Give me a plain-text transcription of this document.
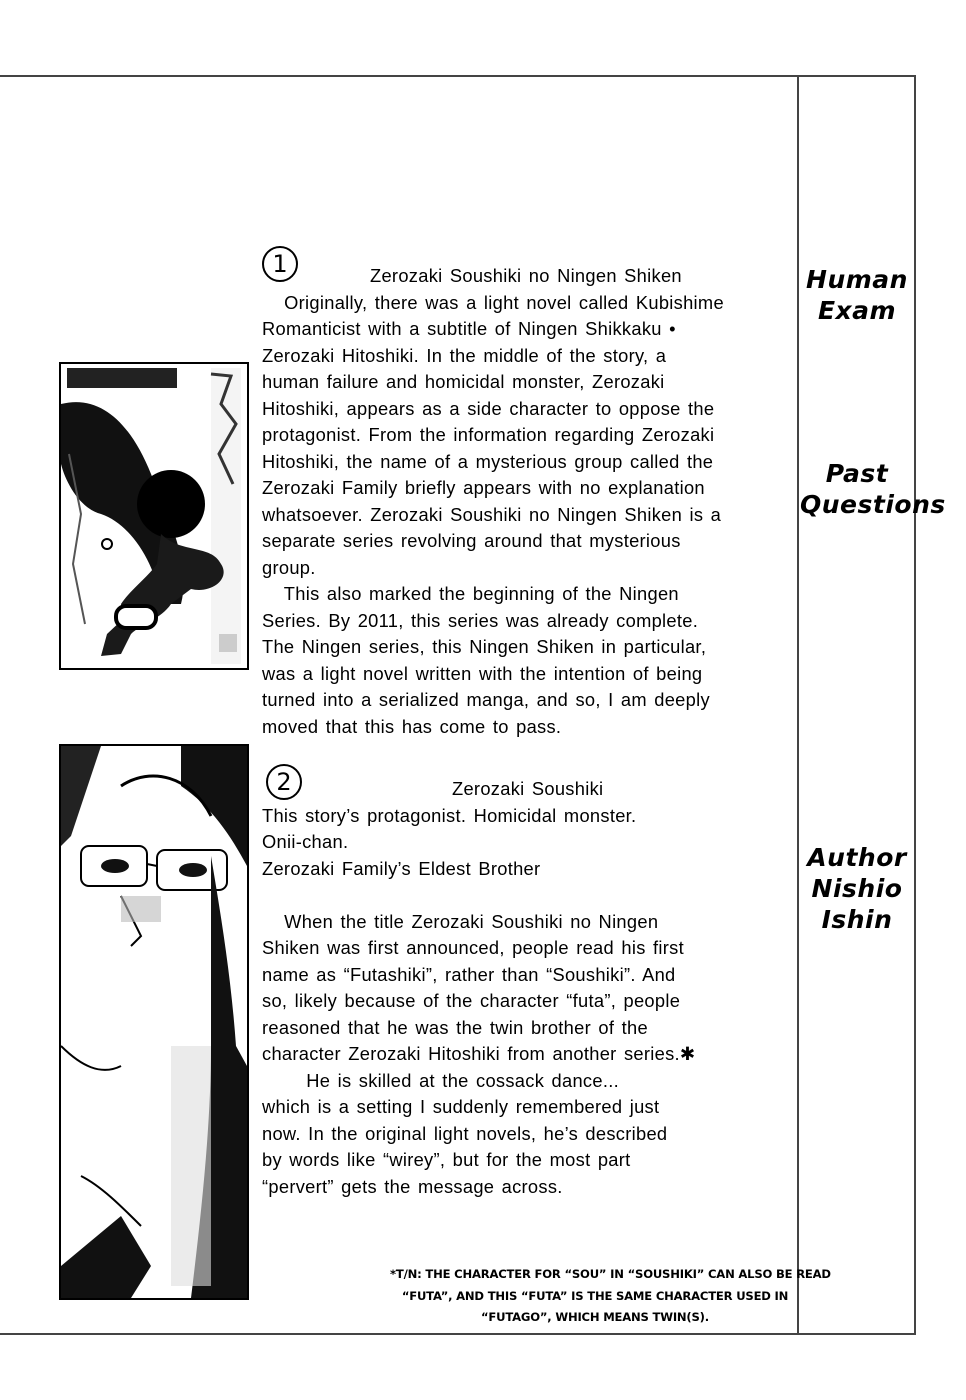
Human
Exam
Past
Questions
Author
Nishio
Ishin
1	Zerozaki Soushiki no Ningen Shiken
Originally, there was a light novel called Kubishime
Romanticist with a subtitle of Ningen Shikkaku •
Zerozaki Hitoshiki. In the middle of the story, a
human failure and homicidal monster, Zerozaki
Hitoshiki, appears as a side character to oppose the
protagonist. From the information regarding Zerozaki
Hitoshiki, the name of a mysterious group called the
Zerozaki Family briefly appears with no explanation
whatsoever. Zerozaki Soushiki no Ningen Shiken is a
separate series revolving around that mysterious
group.
This also marked the beginning of the Ningen
Series. By 2011, this series was already complete.
The Ningen series, this Ningen Shiken in particular,
was a light novel written with the intention of being
turned into a serialized manga, and so, I am deeply
moved that this has come to pass.
2	Zerozaki Soushiki
This story’s protagonist. Homicidal monster.
Onii-chan.
Zerozaki Family’s Eldest Brother

When the title Zerozaki Soushiki no Ningen
Shiken was first announced, people read his first
name as “Futashiki”, rather than “Soushiki”. And
so, likely because of the character “futa”, people
reasoned that he was the twin brother of the
character Zerozaki Hitoshiki from another series.✱
He is skilled at the cossack dance...
which is a setting I suddenly remembered just
now. In the original light novels, he’s described
by words like “wirey”, but for the most part
“pervert” gets the message across.
*T/N: THE CHARACTER FOR “SOU” IN “SOUSHIKI” CAN ALSO BE READ
“FUTA”, AND THIS “FUTA” IS THE SAME CHARACTER USED IN
“FUTAGO”, WHICH MEANS TWIN(S).
